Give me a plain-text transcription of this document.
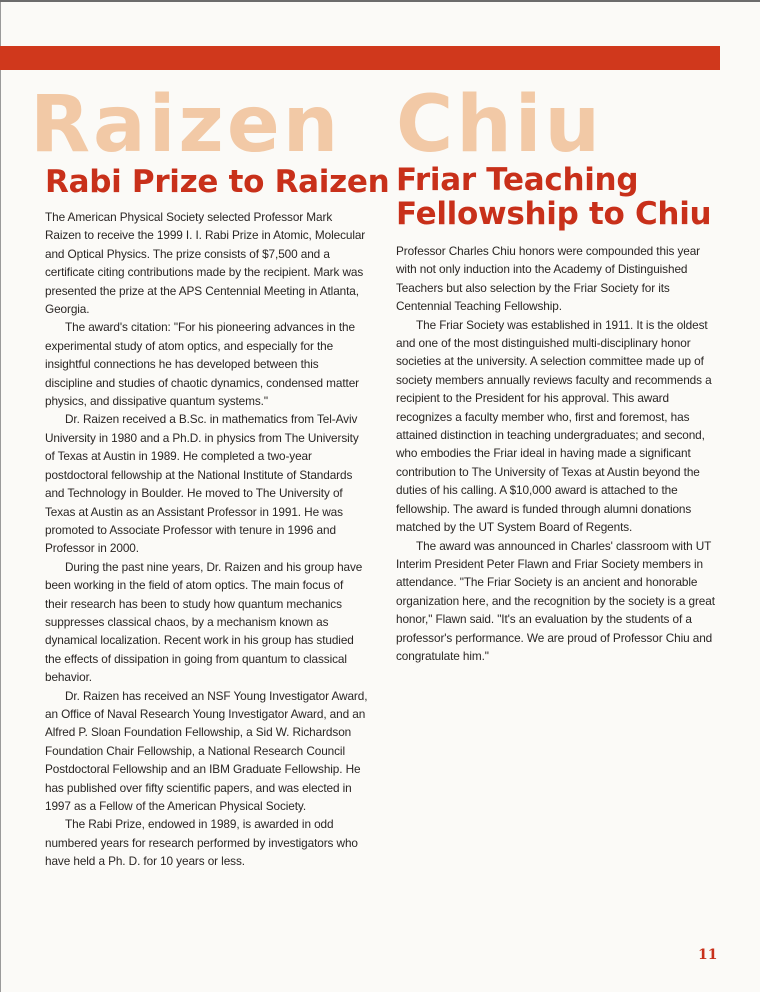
Raizen Chiu
Rabi Prize to Raizen

The American Physical Society selected Professor Mark Raizen to receive the 1999 I. I. Rabi Prize in Atomic, Molecular and Optical Physics. The prize consists of $7,500 and a certificate citing contributions made by the recipient. Mark was presented the prize at the APS Centennial Meeting in Atlanta, Georgia.

The award's citation: "For his pioneering advances in the experimental study of atom optics, and especially for the insightful connections he has developed between this discipline and studies of chaotic dynamics, condensed matter physics, and dissipative quantum systems."

Dr. Raizen received a B.Sc. in mathematics from Tel-Aviv University in 1980 and a Ph.D. in physics from The University of Texas at Austin in 1989. He completed a two-year postdoctoral fellowship at the National Institute of Standards and Technology in Boulder. He moved to The University of Texas at Austin as an Assistant Professor in 1991. He was promoted to Associate Professor with tenure in 1996 and Professor in 2000.

During the past nine years, Dr. Raizen and his group have been working in the field of atom optics. The main focus of their research has been to study how quantum mechanics suppresses classical chaos, by a mechanism known as dynamical localization. Recent work in his group has studied the effects of dissipation in going from quantum to classical behavior.

Dr. Raizen has received an NSF Young Investigator Award, an Office of Naval Research Young Investigator Award, and an Alfred P. Sloan Foundation Fellowship, a Sid W. Richardson Foundation Chair Fellowship, a National Research Council Postdoctoral Fellowship and an IBM Graduate Fellowship. He has published over fifty scientific papers, and was elected in 1997 as a Fellow of the American Physical Society.

The Rabi Prize, endowed in 1989, is awarded in odd numbered years for research performed by investigators who have held a Ph. D. for 10 years or less.

Friar Teaching
Fellowship to Chiu

Professor Charles Chiu honors were compounded this year with not only induction into the Academy of Distinguished Teachers but also selection by the Friar Society for its Centennial Teaching Fellowship.

The Friar Society was established in 1911. It is the oldest and one of the most distinguished multi-disciplinary honor societies at the university. A selection committee made up of society members annually reviews faculty and recommends a recipient to the President for his approval. This award recognizes a faculty member who, first and foremost, has attained distinction in teaching undergraduates; and second, who embodies the Friar ideal in having made a significant contribution to The University of Texas at Austin beyond the duties of his calling. A $10,000 award is attached to the fellowship. The award is funded through alumni donations matched by the UT System Board of Regents.

The award was announced in Charles' classroom with UT Interim President Peter Flawn and Friar Society members in attendance. "The Friar Society is an ancient and honorable organization here, and the recognition by the society is a great honor," Flawn said. "It's an evaluation by the students of a professor's performance. We are proud of Professor Chiu and congratulate him."

11
